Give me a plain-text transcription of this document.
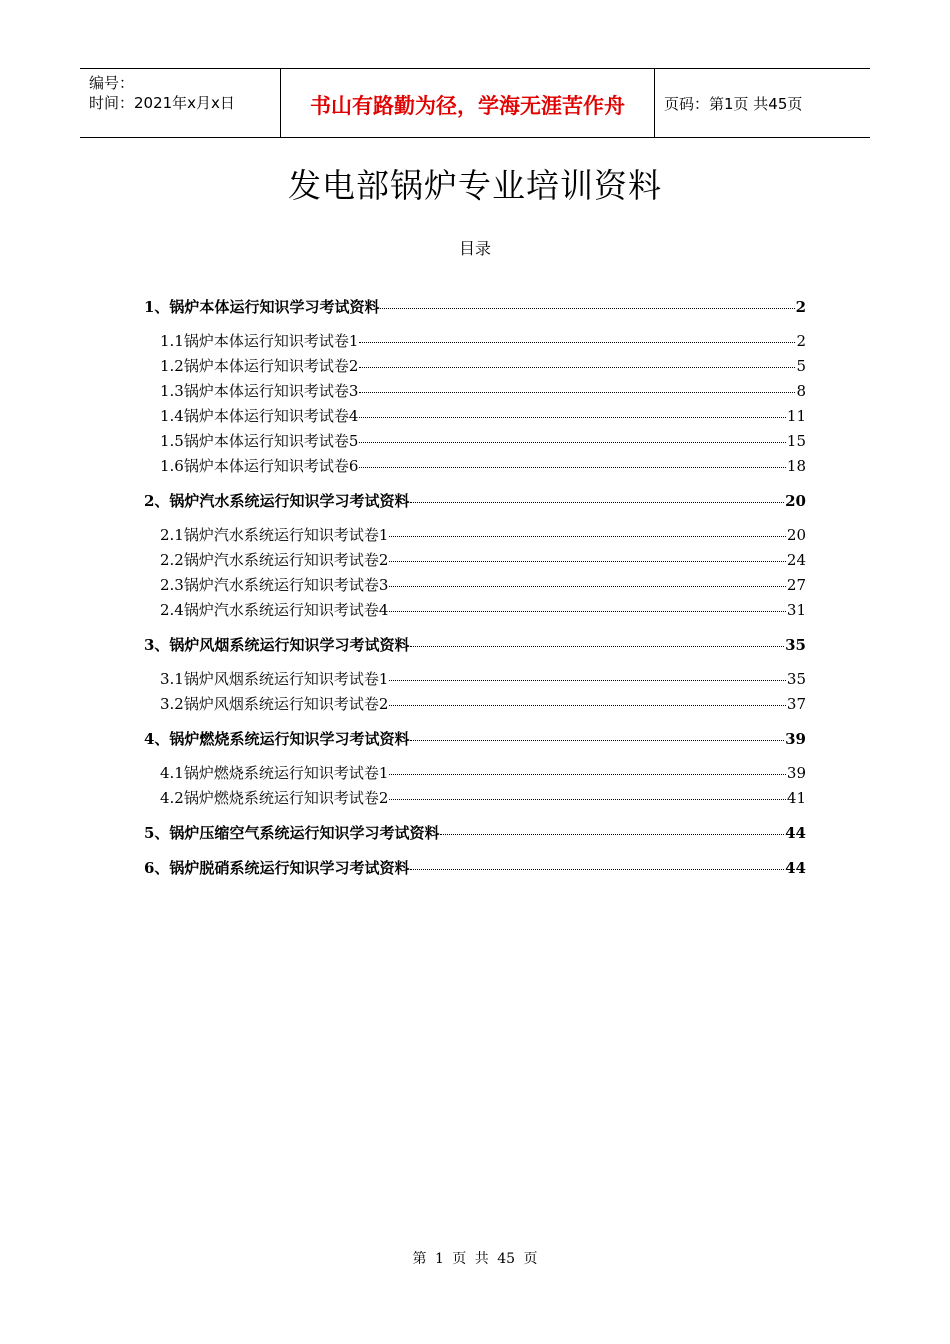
编号：
时间：2021年x月x日	书山有路勤为径，学海无涯苦作舟	页码：第1页 共45页
发电部锅炉专业培训资料
目录
1、锅炉本体运行知识学习考试资料	2
1.1锅炉本体运行知识考试卷1	2
1.2锅炉本体运行知识考试卷2	5
1.3锅炉本体运行知识考试卷3	8
1.4锅炉本体运行知识考试卷4	11
1.5锅炉本体运行知识考试卷5	15
1.6锅炉本体运行知识考试卷6	18
2、锅炉汽水系统运行知识学习考试资料	20
2.1锅炉汽水系统运行知识考试卷1	20
2.2锅炉汽水系统运行知识考试卷2	24
2.3锅炉汽水系统运行知识考试卷3	27
2.4锅炉汽水系统运行知识考试卷4	31
3、锅炉风烟系统运行知识学习考试资料	35
3.1锅炉风烟系统运行知识考试卷1	35
3.2锅炉风烟系统运行知识考试卷2	37
4、锅炉燃烧系统运行知识学习考试资料	39
4.1锅炉燃烧系统运行知识考试卷1	39
4.2锅炉燃烧系统运行知识考试卷2	41
5、锅炉压缩空气系统运行知识学习考试资料	44
6、锅炉脱硝系统运行知识学习考试资料	44
第 1 页 共 45 页
